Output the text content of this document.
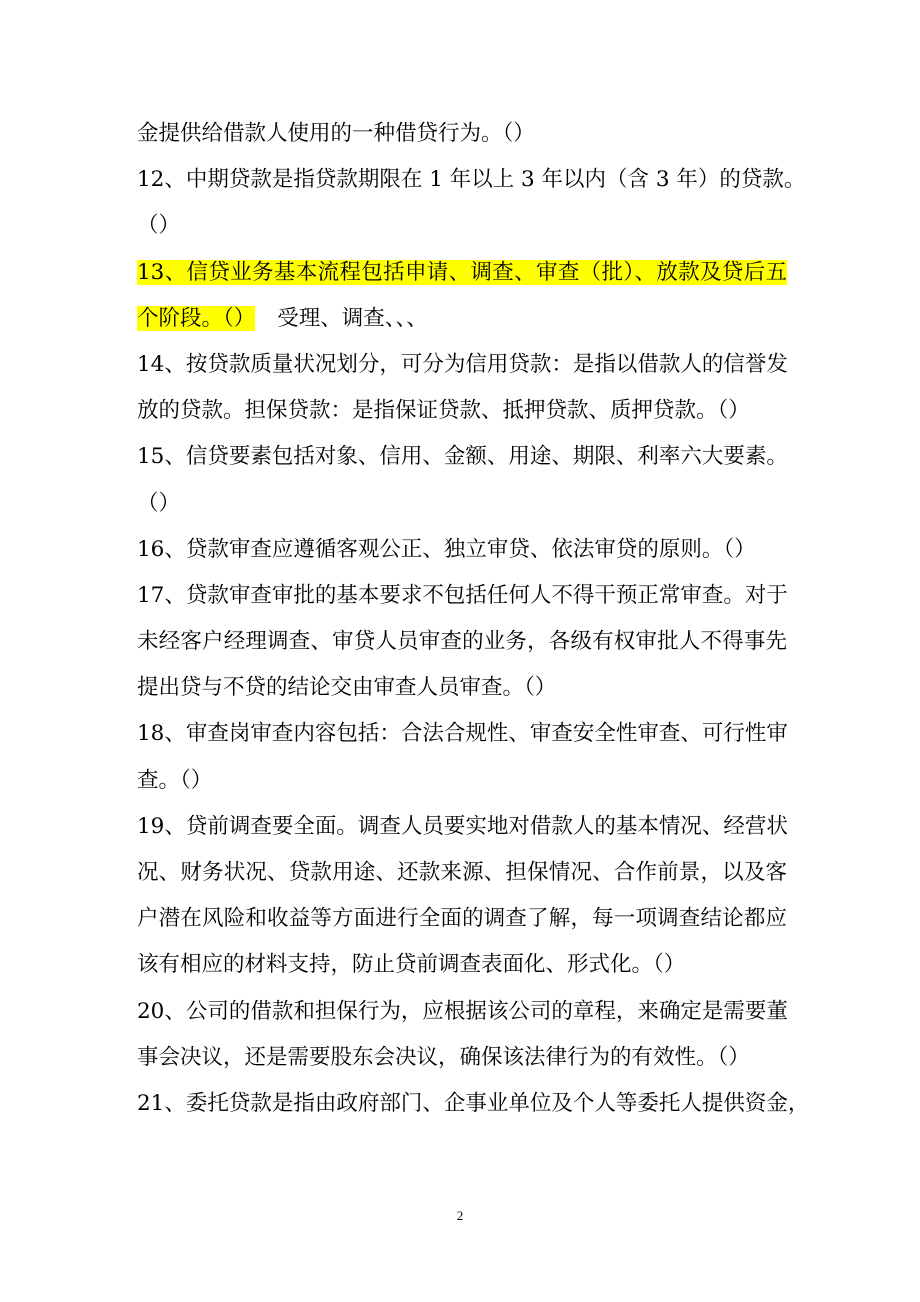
金提供给借款人使用的一种借贷行为。（）
12、中期贷款是指贷款期限在 1 年以上 3 年以内（含 3 年）的贷款。
（）
13、信贷业务基本流程包括申请、调查、审查（批）、放款及贷后五
个阶段。（） 受理、调查、、、
14、按贷款质量状况划分，可分为信用贷款：是指以借款人的信誉发
放的贷款。担保贷款：是指保证贷款、抵押贷款、质押贷款。（）
15、信贷要素包括对象、信用、金额、用途、期限、利率六大要素。
（）
16、贷款审查应遵循客观公正、独立审贷、依法审贷的原则。（）
17、贷款审查审批的基本要求不包括任何人不得干预正常审查。对于
未经客户经理调查、审贷人员审查的业务，各级有权审批人不得事先
提出贷与不贷的结论交由审查人员审查。（）
18、审查岗审查内容包括：合法合规性、审查安全性审查、可行性审
查。（）
19、贷前调查要全面。调查人员要实地对借款人的基本情况、经营状
况、财务状况、贷款用途、还款来源、担保情况、合作前景，以及客
户潜在风险和收益等方面进行全面的调查了解，每一项调查结论都应
该有相应的材料支持，防止贷前调查表面化、形式化。（）
20、公司的借款和担保行为，应根据该公司的章程，来确定是需要董
事会决议，还是需要股东会决议，确保该法律行为的有效性。（）
21、委托贷款是指由政府部门、企事业单位及个人等委托人提供资金，
2
